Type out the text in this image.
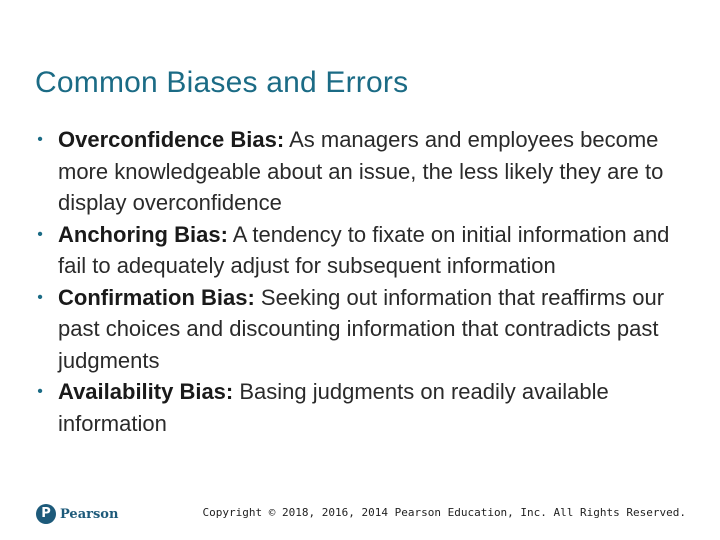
Common Biases and Errors
• Overconfidence Bias: As managers and employees become more knowledgeable about an issue, the less likely they are to display overconfidence
• Anchoring Bias: A tendency to fixate on initial information and fail to adequately adjust for subsequent information
• Confirmation Bias: Seeking out information that reaffirms our past choices and discounting information that contradicts past judgments
• Availability Bias: Basing judgments on readily available information
P Pearson	Copyright © 2018, 2016, 2014 Pearson Education, Inc. All Rights Reserved.
